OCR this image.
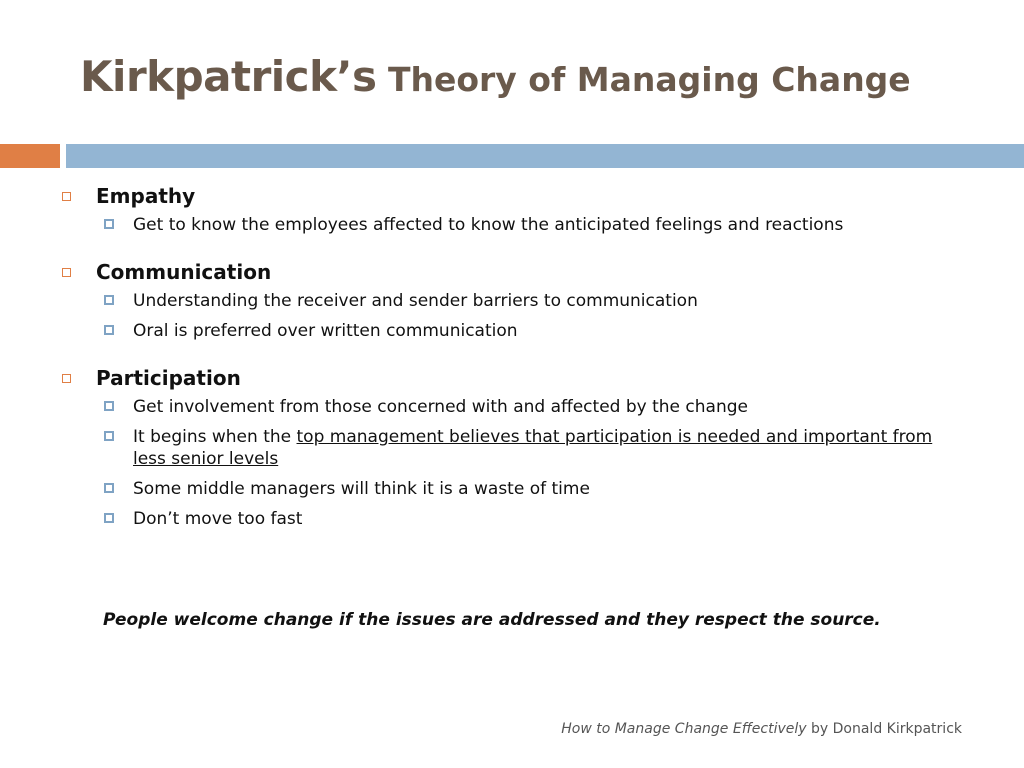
Kirkpatrick’s Theory of Managing Change
Empathy
Get to know the employees affected to know the anticipated feelings and reactions
Communication
Understanding the receiver and sender barriers to communication
Oral is preferred over written communication
Participation
Get involvement from those concerned with and affected by the change
It begins when the top management believes that participation is needed and important from less senior levels
Some middle managers will think it is a waste of time
Don’t move too fast
People welcome change if the issues are addressed and they respect the source.
How to Manage Change Effectively by Donald Kirkpatrick
